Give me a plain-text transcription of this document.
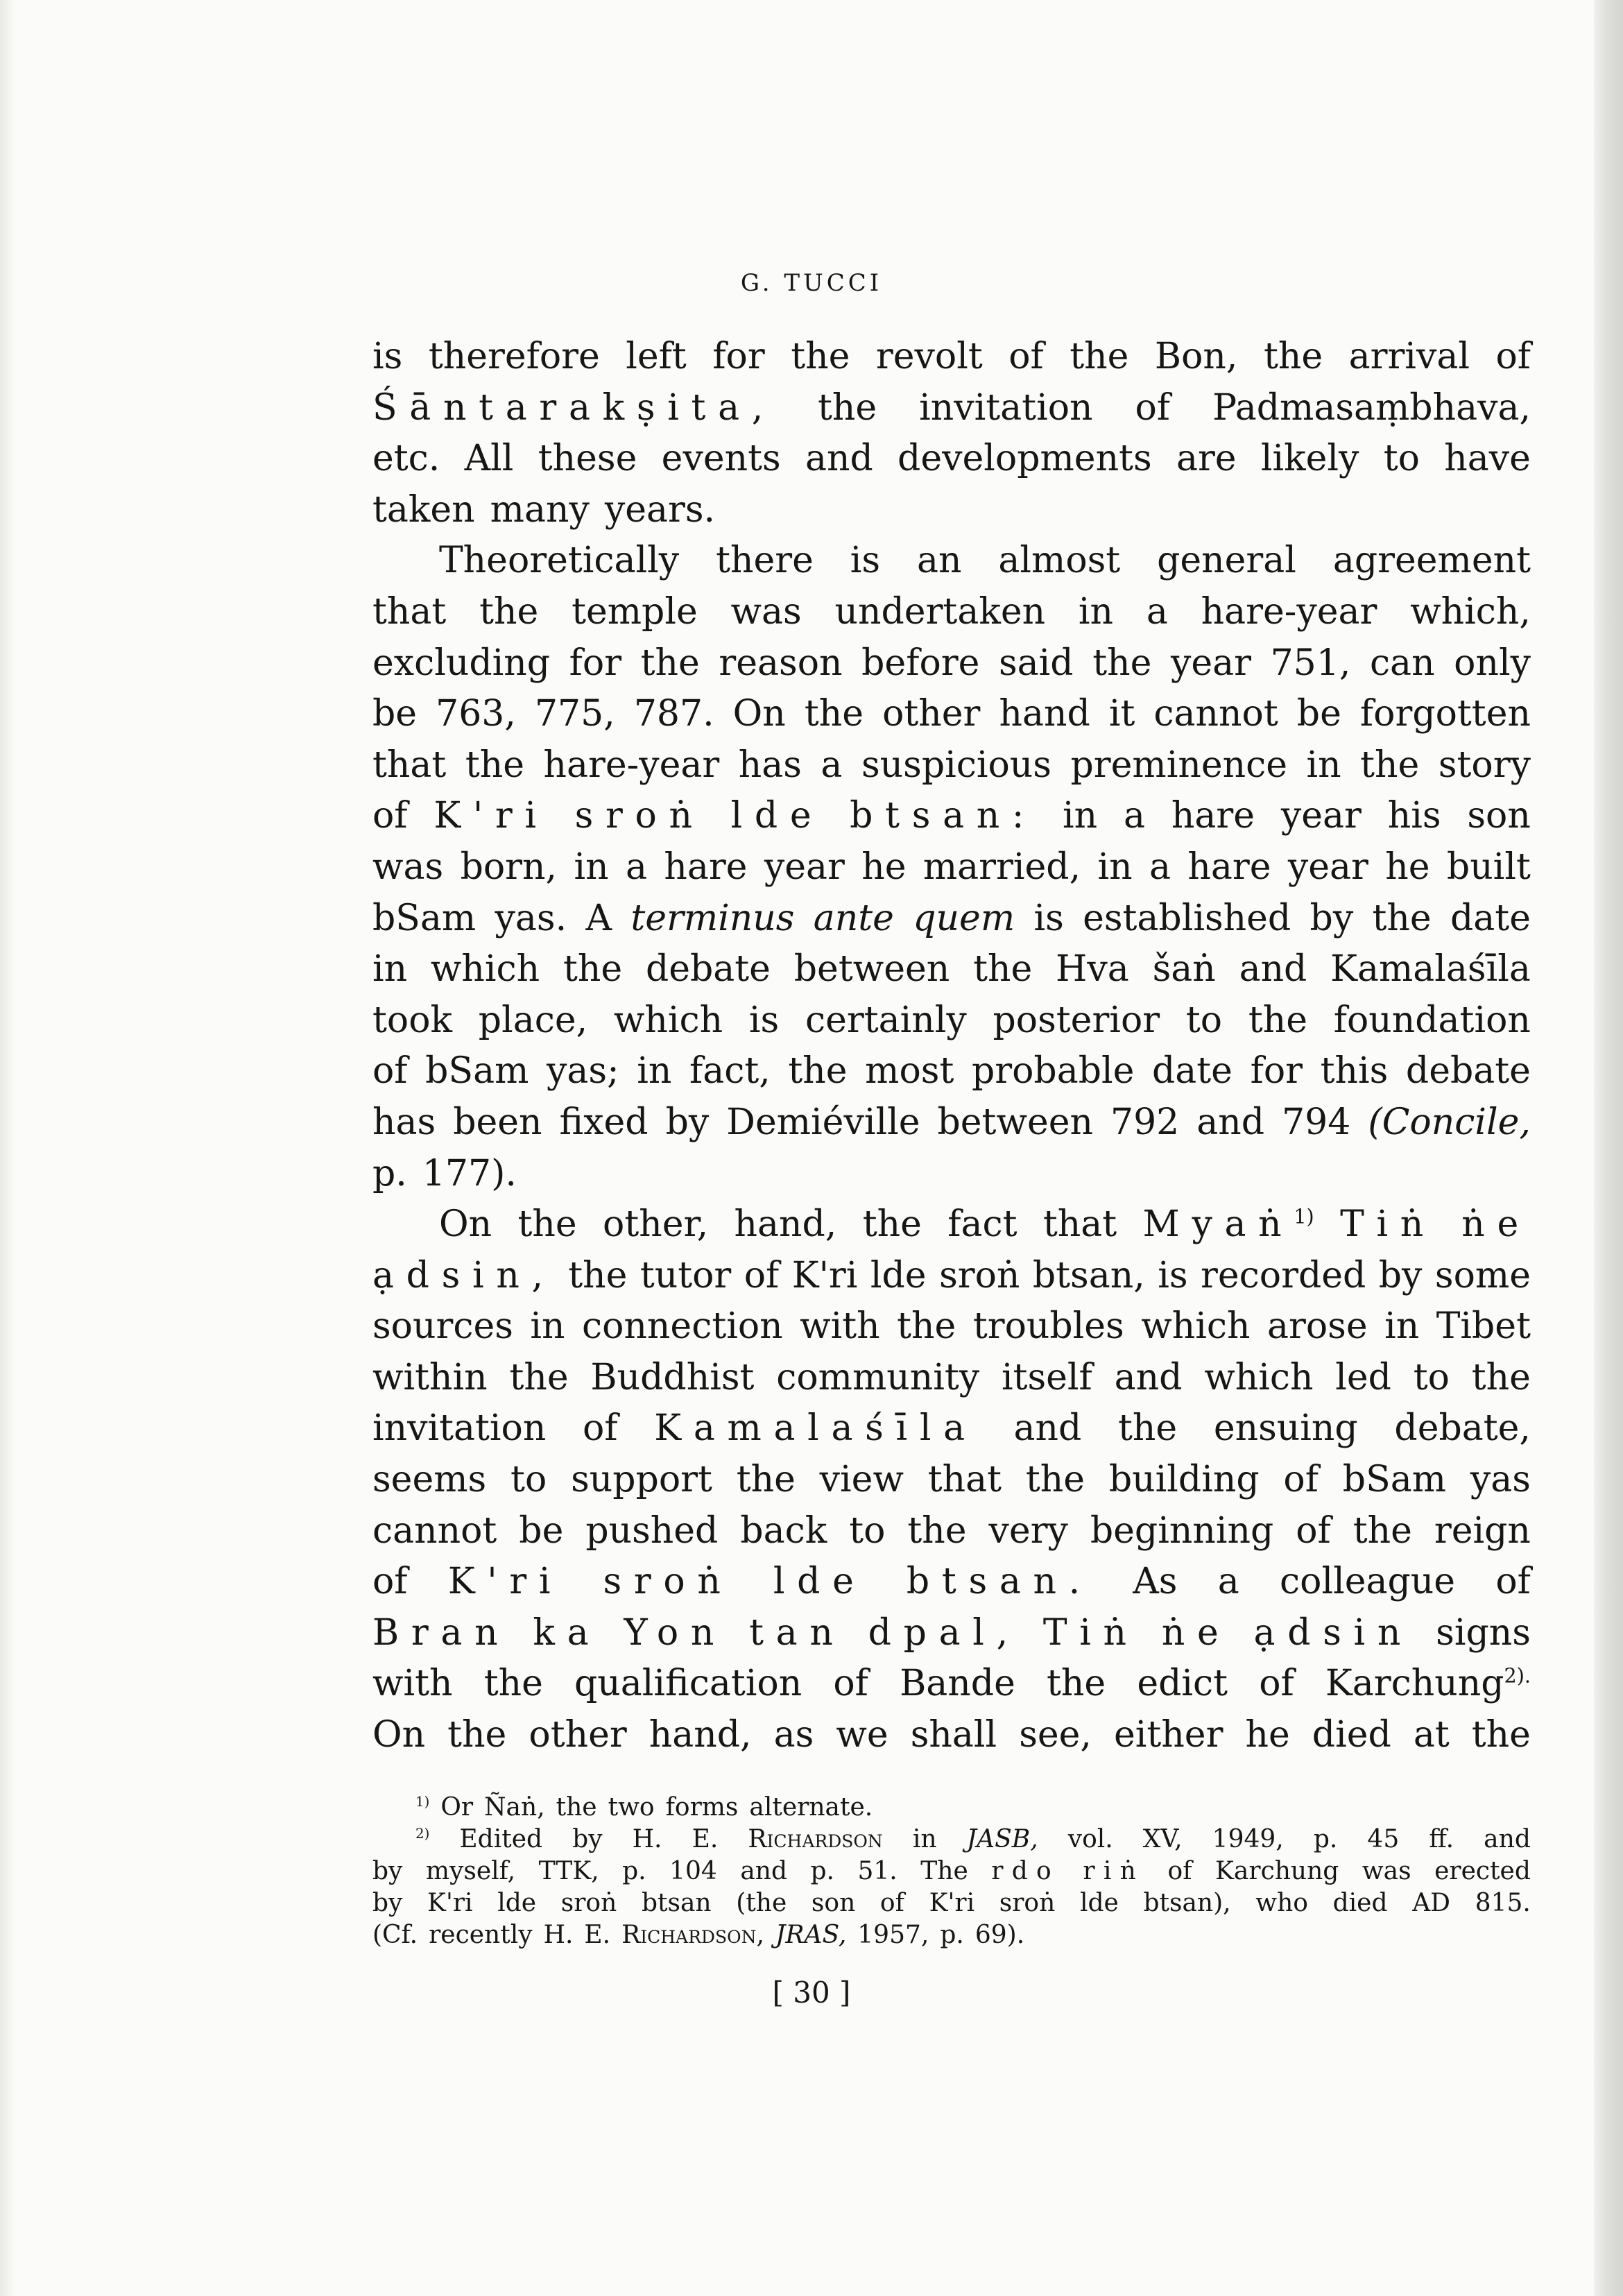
G. TUCCI
is therefore left for the revolt of the Bon, the arrival of
Śāntarakṣita, the invitation of Padmasaṃbhava,
etc. All these events and developments are likely to have
taken many years.
Theoretically there is an almost general agreement
that the temple was undertaken in a hare-year which,
excluding for the reason before said the year 751, can only
be 763, 775, 787. On the other hand it cannot be forgotten
that the hare-year has a suspicious preminence in the story
of K'ri sroṅ lde btsan: in a hare year his son
was born, in a hare year he married, in a hare year he built
bSam yas. A terminus ante quem is established by the date
in which the debate between the Hva šaṅ and Kamalaśīla
took place, which is certainly posterior to the foundation
of bSam yas; in fact, the most probable date for this debate
has been fixed by Demiéville between 792 and 794 (Concile,
p. 177).
On the other, hand, the fact that Myaṅ$^{1)}$ Tiṅ ṅe
ạdsin, the tutor of K'ri lde sroṅ btsan, is recorded by some
sources in connection with the troubles which arose in Tibet
within the Buddhist community itself and which led to the
invitation of Kamalaśīla and the ensuing debate,
seems to support the view that the building of bSam yas
cannot be pushed back to the very beginning of the reign
of K'ri sroṅ lde btsan. As a colleague of
Bran ka Yon tan dpal, Tiṅ ṅe ạdsin signs
with the qualification of Bande the edict of Karchung$^{2).}$
On the other hand, as we shall see, either he died at the
$^{1)}$ Or Ñaṅ, the two forms alternate.
$^{2)}$ Edited by H. E. Richardson in JASB, vol. XV, 1949, p. 45 ff. and
by myself, TTK, p. 104 and p. 51. The rdo riṅ of Karchung was erected
by K'ri lde sroṅ btsan (the son of K'ri sroṅ lde btsan), who died AD 815.
(Cf. recently H. E. Richardson, JRAS, 1957, p. 69).
[ 30 ]
